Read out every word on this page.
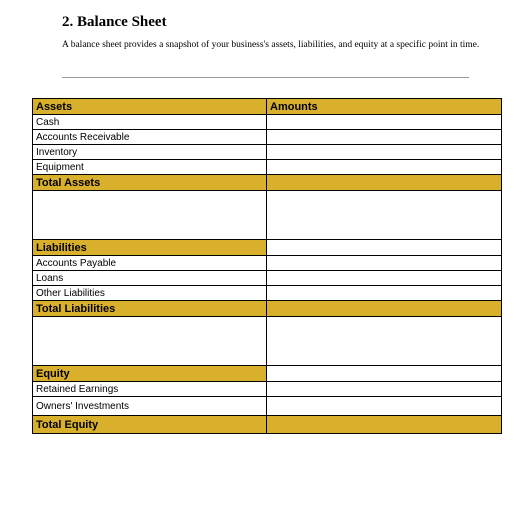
2. Balance Sheet

A balance sheet provides a snapshot of your business's assets, liabilities, and equity at a specific point in time.

Assets	Amounts
Cash	
Accounts Receivable	
Inventory	
Equipment	
Total Assets	

Liabilities	
Accounts Payable	
Loans	
Other Liabilities	
Total Liabilities	

Equity	
Retained Earnings	
Owners' Investments	
Total Equity	
